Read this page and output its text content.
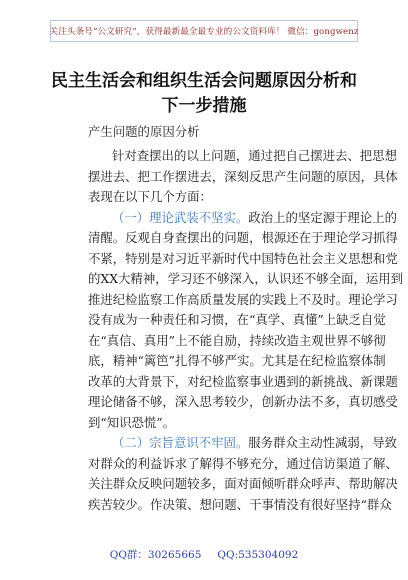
关注头条号“公文研究”，获得最新最全最专业的公文资料库！ 微信：gongwenz
民主生活会和组织生活会问题原因分析和
下一步措施
产生问题的原因分析
针对查摆出的以上问题，通过把自己摆进去、把思想
摆进去、把工作摆进去，深刻反思产生问题的原因，具体
表现在以下几个方面：
（一）理论武装不坚实。政治上的坚定源于理论上的
清醒。反观自身查摆出的问题，根源还在于理论学习抓得
不紧，特别是对习近平新时代中国特色社会主义思想和党
的XX大精神，学习还不够深入，认识还不够全面，运用到
推进纪检监察工作高质量发展的实践上不及时。理论学习
没有成为一种责任和习惯，在“真学、真懂”上缺乏自觉
在“真信、真用”上不能自励，持续改造主观世界不够彻
底，精神“篱笆”扎得不够严实。尤其是在纪检监察体制
改革的大背景下，对纪检监察事业遇到的新挑战、新课题
理论储备不够，深入思考较少，创新办法不多，真切感受
到“知识恐慌”。
（二）宗旨意识不牢固。服务群众主动性减弱，导致
对群众的利益诉求了解得不够充分，通过信访渠道了解、
关注群众反映问题较多，面对面倾听群众呼声、帮助解决
疾苦较少。作决策、想问题、干事情没有很好坚持“群众
QQ群：30265665 QQ:535304092
